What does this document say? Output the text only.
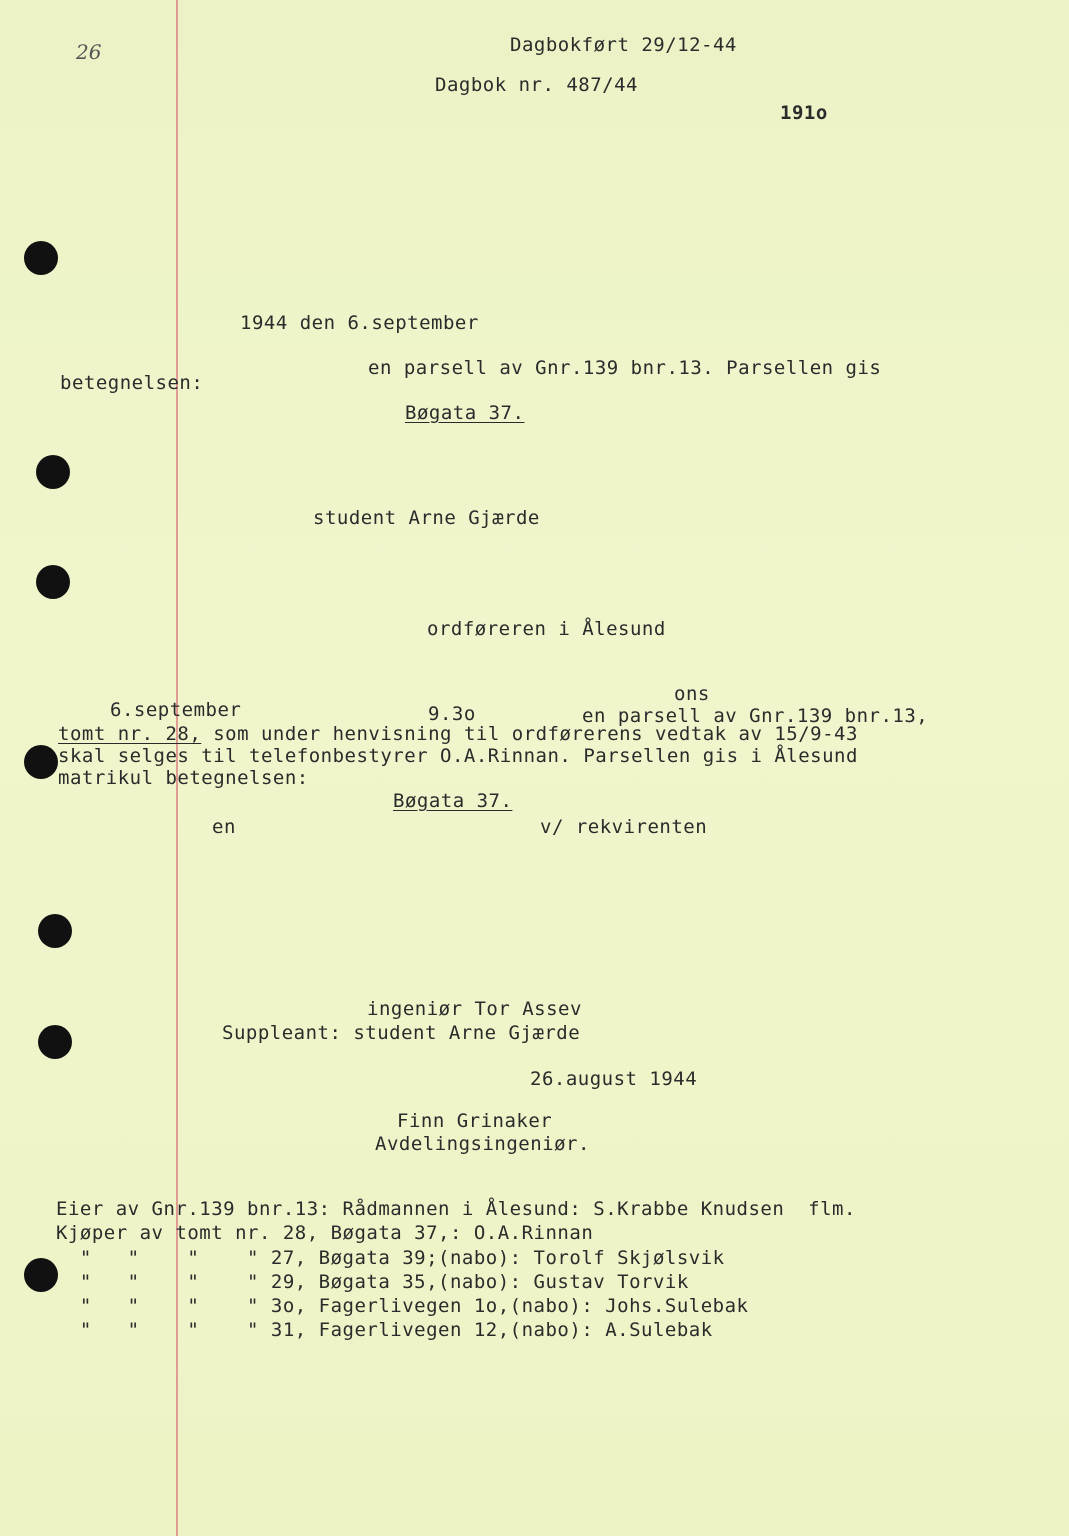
26	Dagbokført 29/12-44
Dagbok nr. 487/44
191o
1944 den 6.september
en parsell av Gnr.139 bnr.13. Parsellen gis
betegnelsen:
Bøgata 37.
student Arne Gjærde
ordføreren i Ålesund
ons
6.september	9.3o	en parsell av Gnr.139 bnr.13,
tomt nr. 28, som under henvisning til ordførerens vedtak av 15/9-43
skal selges til telefonbestyrer O.A.Rinnan. Parsellen gis i Ålesund
matrikul betegnelsen:
Bøgata 37.
en	v/ rekvirenten
ingeniør Tor Assev
Suppleant: student Arne Gjærde
26.august 1944
Finn Grinaker
Avdelingsingeniør.
Eier av Gnr.139 bnr.13: Rådmannen i Ålesund: S.Krabbe Knudsen  flm.
Kjøper av tomt nr. 28, Bøgata 37,: O.A.Rinnan
"   "    "    " 27, Bøgata 39;(nabo): Torolf Skjølsvik
"   "    "    " 29, Bøgata 35,(nabo): Gustav Torvik
"   "    "    " 3o, Fagerlivegen 1o,(nabo): Johs.Sulebak
"   "    "    " 31, Fagerlivegen 12,(nabo): A.Sulebak
